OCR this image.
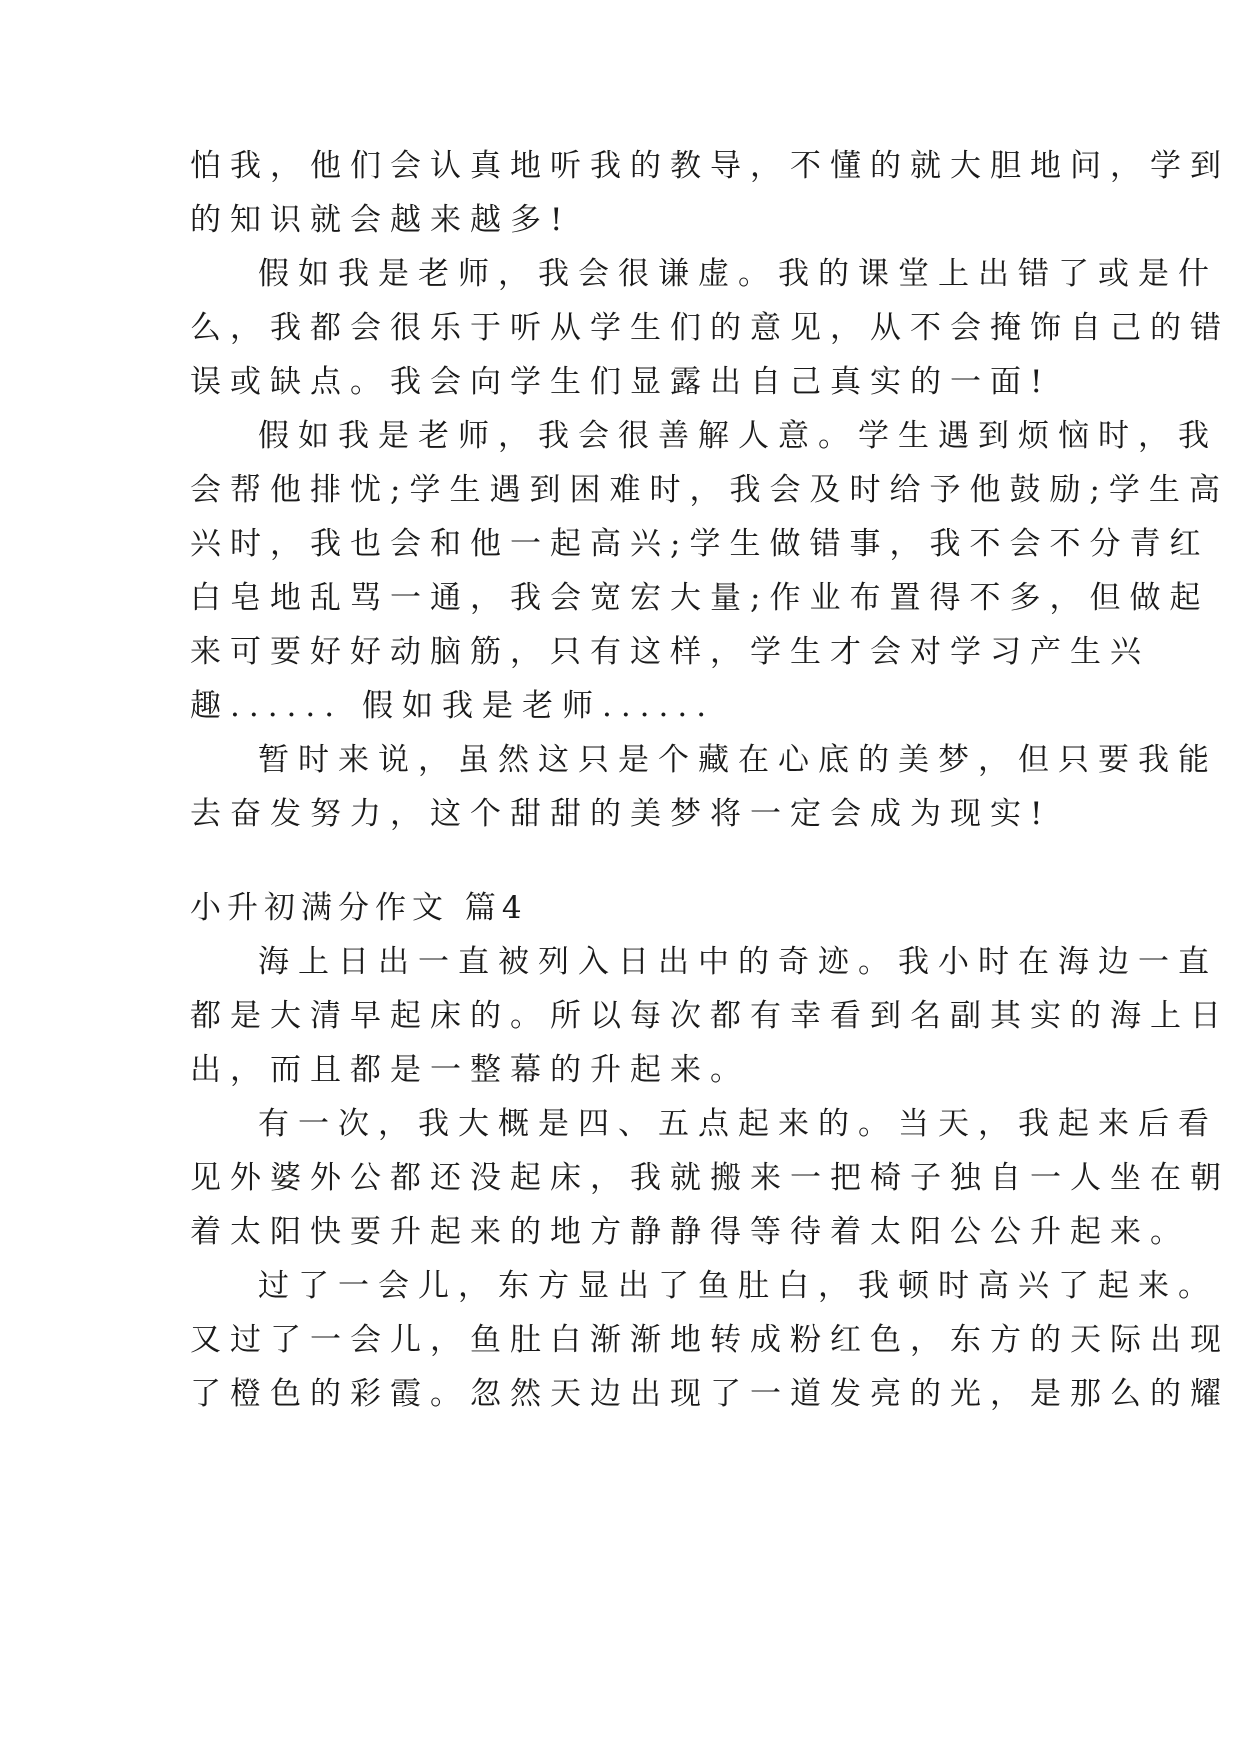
怕我，他们会认真地听我的教导，不懂的就大胆地问，学到
的知识就会越来越多!
假如我是老师，我会很谦虚。我的课堂上出错了或是什
么，我都会很乐于听从学生们的意见，从不会掩饰自己的错
误或缺点。我会向学生们显露出自己真实的一面!
假如我是老师，我会很善解人意。学生遇到烦恼时，我
会帮他排忧;学生遇到困难时，我会及时给予他鼓励;学生高
兴时，我也会和他一起高兴;学生做错事，我不会不分青红
白皂地乱骂一通，我会宽宏大量;作业布置得不多，但做起
来可要好好动脑筋，只有这样，学生才会对学习产生兴
趣...... 假如我是老师......
暂时来说，虽然这只是个藏在心底的美梦，但只要我能
去奋发努力，这个甜甜的美梦将一定会成为现实!
小升初满分作文 篇4
海上日出一直被列入日出中的奇迹。我小时在海边一直
都是大清早起床的。所以每次都有幸看到名副其实的海上日
出，而且都是一整幕的升起来。
有一次，我大概是四、五点起来的。当天，我起来后看
见外婆外公都还没起床，我就搬来一把椅子独自一人坐在朝
着太阳快要升起来的地方静静得等待着太阳公公升起来。
过了一会儿，东方显出了鱼肚白，我顿时高兴了起来。
又过了一会儿，鱼肚白渐渐地转成粉红色，东方的天际出现
了橙色的彩霞。忽然天边出现了一道发亮的光，是那么的耀
